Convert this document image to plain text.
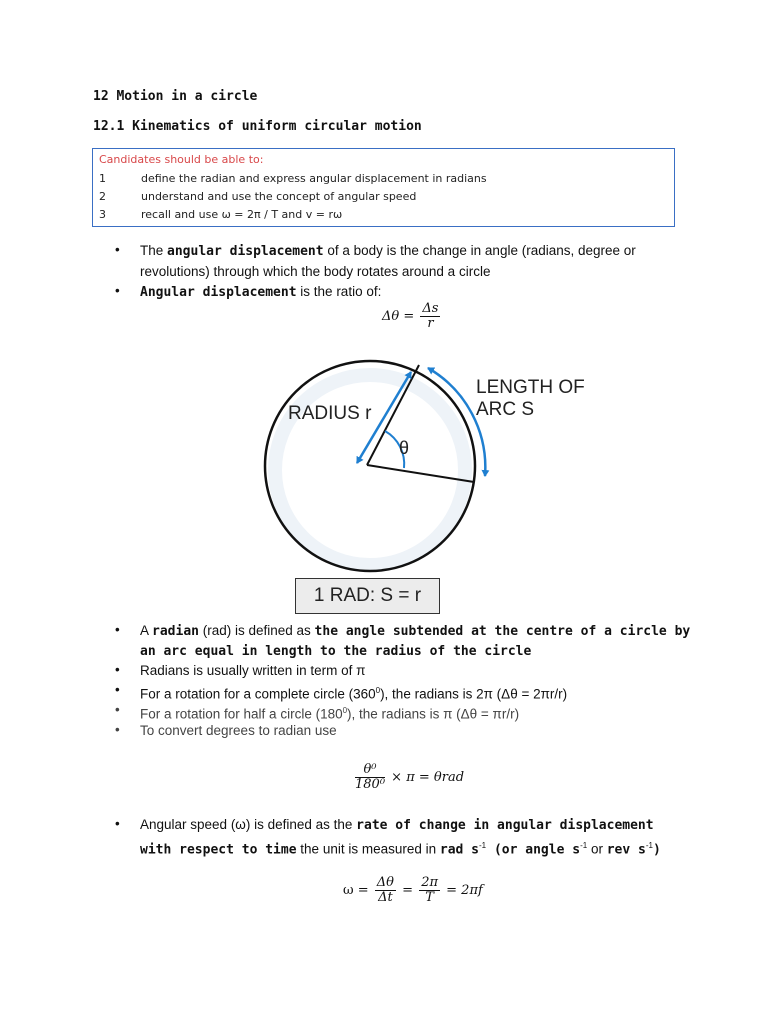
12 Motion in a circle
12.1 Kinematics of uniform circular motion
Candidates should be able to:
1	define the radian and express angular displacement in radians
2	understand and use the concept of angular speed
3	recall and use ω = 2π / T and v = rω
• The angular displacement of a body is the change in angle (radians, degree or
revolutions) through which the body rotates around a circle
• Angular displacement is the ratio of:
$\Delta\theta = \frac{\Delta s}{r}$
RADIUS r
θ
LENGTH OF
ARC S
1 RAD: S = r
• A radian (rad) is defined as the angle subtended at the centre of a circle by
an arc equal in length to the radius of the circle
• Radians is usually written in term of π
• For a rotation for a complete circle $(360^0)$, the radians is 2π (Δθ = 2πr/r)
• For a rotation for half a circle $(180^0)$, the radians is π (Δθ = πr/r)
• To convert degrees to radian use
$\frac{\text{θ⁰}}{\text{180⁰}} \times \pi = \theta rad$
• Angular speed (ω) is defined as the rate of change in angular displacement
with respect to time the unit is measured in rad $s^{-1}$ (or angle $s^{-1}$ or rev $s^{-1}$)
$\omega = \frac{\Delta\theta}{\Delta t} = \frac{2\pi}{T} = 2\pi f$
